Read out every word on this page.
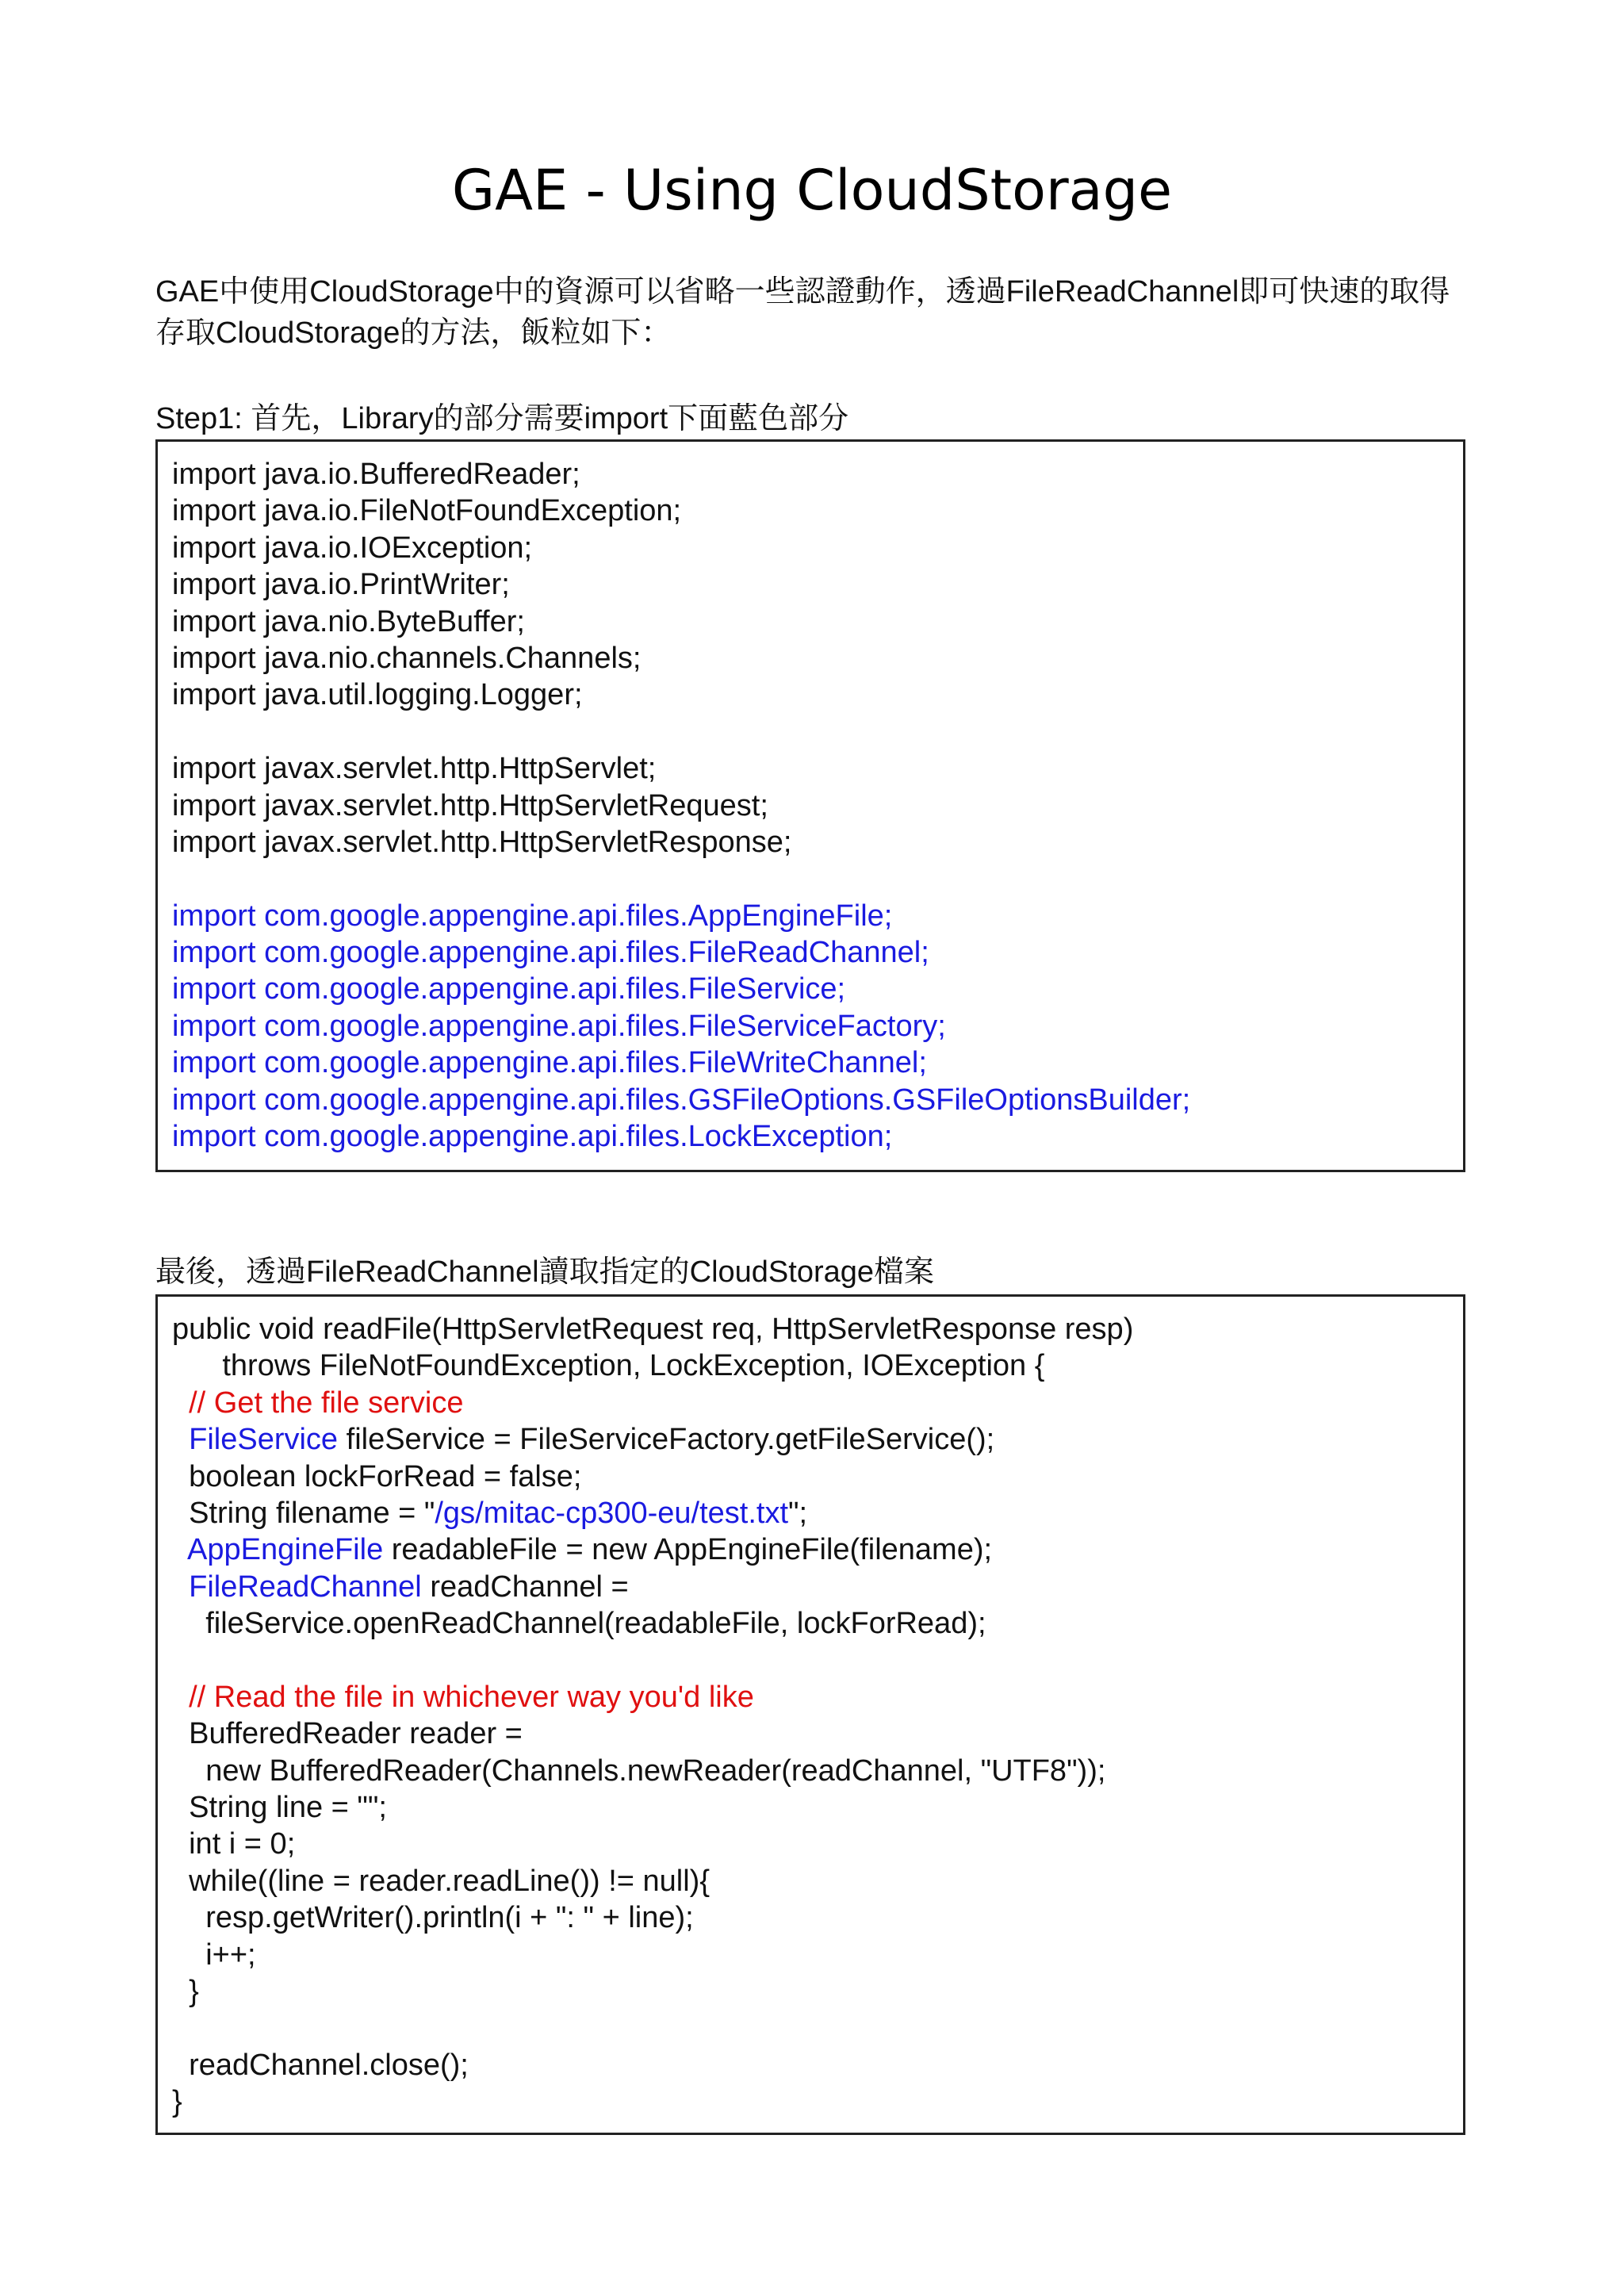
GAE - Using CloudStorage
GAE中使用CloudStorage中的資源可以省略一些認證動作，透過FileReadChannel即可快速的取得
存取CloudStorage的方法，飯粒如下：
Step1: 首先，Library的部分需要import下面藍色部分
import java.io.BufferedReader;
import java.io.FileNotFoundException;
import java.io.IOException;
import java.io.PrintWriter;
import java.nio.ByteBuffer;
import java.nio.channels.Channels;
import java.util.logging.Logger;
import javax.servlet.http.HttpServlet;
import javax.servlet.http.HttpServletRequest;
import javax.servlet.http.HttpServletResponse;
import com.google.appengine.api.files.AppEngineFile;
import com.google.appengine.api.files.FileReadChannel;
import com.google.appengine.api.files.FileService;
import com.google.appengine.api.files.FileServiceFactory;
import com.google.appengine.api.files.FileWriteChannel;
import com.google.appengine.api.files.GSFileOptions.GSFileOptionsBuilder;
import com.google.appengine.api.files.LockException;
最後，透過FileReadChannel讀取指定的CloudStorage檔案
public void readFile(HttpServletRequest req, HttpServletResponse resp)
throws FileNotFoundException, LockException, IOException {
// Get the file service
FileService fileService = FileServiceFactory.getFileService();
boolean lockForRead = false;
String filename = "/gs/mitac-cp300-eu/test.txt";
AppEngineFile readableFile = new AppEngineFile(filename);
FileReadChannel readChannel =
fileService.openReadChannel(readableFile, lockForRead);
// Read the file in whichever way you'd like
BufferedReader reader =
new BufferedReader(Channels.newReader(readChannel, "UTF8"));
String line = "";
int i = 0;
while((line = reader.readLine()) != null){
resp.getWriter().println(i + ": " + line);
i++;
}
readChannel.close();
}
